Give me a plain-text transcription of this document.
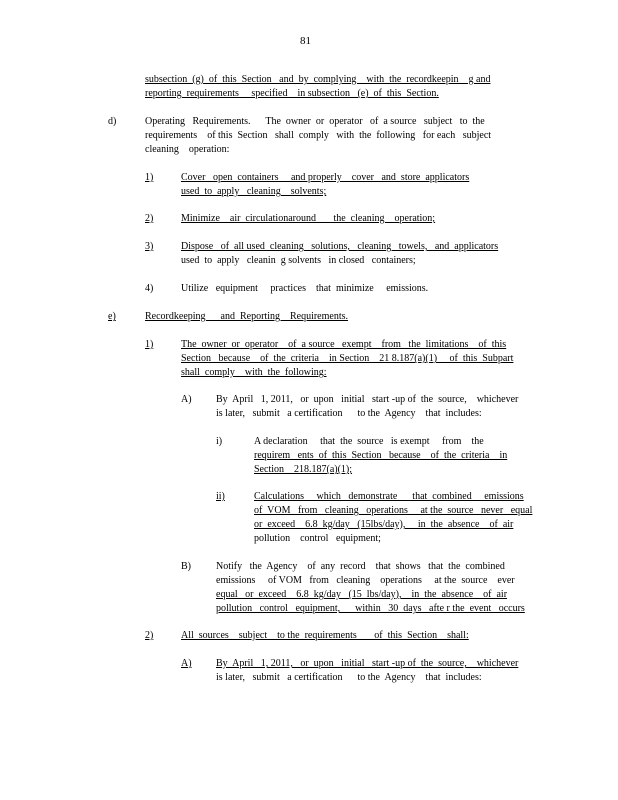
81
subsection  (g)  of  this  Section   and  by  complying    with  the  recordkeepin    g and
reporting  requirements     specified    in subsection   (e)  of  this  Section.
d)	Operating   Requirements.      The  owner  or  operator   of  a source   subject   to  the
requirements    of this  Section   shall  comply   with  the  following   for each   subject
cleaning    operation:
1)	Cover   open  containers     and properly    cover   and  store  applicators
used  to  apply   cleaning    solvents;
2)	Minimize    air  circulationaround       the  cleaning    operation;
3)	Dispose   of  all used  cleaning   solutions,   cleaning   towels,   and  applicators
used  to  apply   cleanin  g solvents   in closed   containers;
4)	Utilize   equipment     practices    that  minimize     emissions.
e)	Recordkeeping      and  Reporting    Requirements.
1)	The  owner  or  operator    of  a source   exempt    from   the  limitations    of  this
Section   because    of  the  criteria    in Section    21 8.187(a)(1)     of  this  Subpart
shall  comply    with  the  following:
A) By  April   1, 2011,   or  upon   initial   start -up of  the  source,    whichever
is later,   submit   a certification      to the  Agency    that  includes:
i)	A declaration     that  the  source   is exempt     from    the
requirem   ents  of  this  Section   because    of  the  criteria    in
Section    218.187(a)(1);
ii)	Calculations     which   demonstrate      that  combined     emissions
of  VOM   from   cleaning   operations     at the  source   never   equal
or  exceed    6.8  kg/day   (15lbs/day),     in  the  absence    of  air
pollution    control   equipment;
B)	Notify   the  Agency    of  any  record    that  shows   that  the  combined
emissions     of VOM   from   cleaning    operations     at the  source    ever
equal   or  exceed    6.8  kg/day   (15  lbs/day),    in  the  absence    of  air
pollution   control   equipment,      within   30  days   afte r the  event   occurs
2)	All  sources    subject    to the  requirements       of  this  Section    shall:
A) By  April   1, 2011,   or  upon   initial   start -up of  the  source,    whichever
is later,   submit   a certification      to the  Agency    that  includes:
